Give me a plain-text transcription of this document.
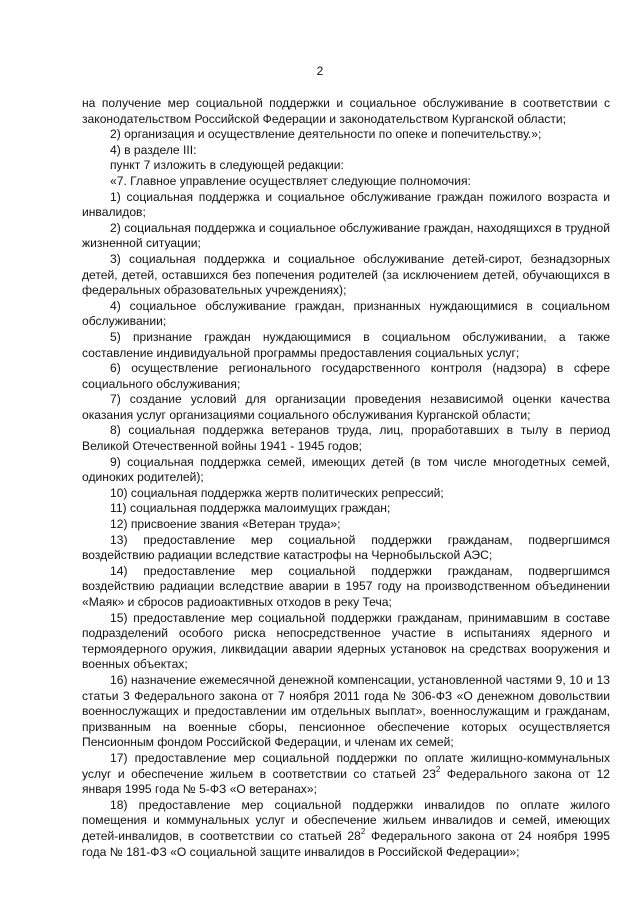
2

на получение мер социальной поддержки и социальное обслуживание в соответствии с законодательством Российской Федерации и законодательством Курганской области;

2) организация и осуществление деятельности по опеке и попечительству.»;

4) в разделе III:

пункт 7 изложить в следующей редакции:

«7. Главное управление осуществляет следующие полномочия:

1) социальная поддержка и социальное обслуживание граждан пожилого возраста и инвалидов;

2) социальная поддержка и социальное обслуживание граждан, находящихся в трудной жизненной ситуации;

3) социальная поддержка и социальное обслуживание детей-сирот, безнадзорных детей, детей, оставшихся без попечения родителей (за исключением детей, обучающихся в федеральных образовательных учреждениях);

4) социальное обслуживание граждан, признанных нуждающимися в социальном обслуживании;

5) признание граждан нуждающимися в социальном обслуживании, а также составление индивидуальной программы предоставления социальных услуг;

6) осуществление регионального государственного контроля (надзора) в сфере социального обслуживания;

7) создание условий для организации проведения независимой оценки качества оказания услуг организациями социального обслуживания Курганской области;

8) социальная поддержка ветеранов труда, лиц, проработавших в тылу в период Великой Отечественной войны 1941 - 1945 годов;

9) социальная поддержка семей, имеющих детей (в том числе многодетных семей, одиноких родителей);

10) социальная поддержка жертв политических репрессий;

11) социальная поддержка малоимущих граждан;

12) присвоение звания «Ветеран труда»;

13) предоставление мер социальной поддержки гражданам, подвергшимся воздействию радиации вследствие катастрофы на Чернобыльской АЭС;

14) предоставление мер социальной поддержки гражданам, подвергшимся воздействию радиации вследствие аварии в 1957 году на производственном объединении «Маяк» и сбросов радиоактивных отходов в реку Теча;

15) предоставление мер социальной поддержки гражданам, принимавшим в составе подразделений особого риска непосредственное участие в испытаниях ядерного и термоядерного оружия, ликвидации аварии ядерных установок на средствах вооружения и военных объектах;

16) назначение ежемесячной денежной компенсации, установленной частями 9, 10 и 13 статьи 3 Федерального закона от 7 ноября 2011 года № 306-ФЗ «О денежном довольствии военнослужащих и предоставлении им отдельных выплат», военнослужащим и гражданам, призванным на военные сборы, пенсионное обеспечение которых осуществляется Пенсионным фондом Российской Федерации, и членам их семей;

17) предоставление мер социальной поддержки по оплате жилищно-коммунальных услуг и обеспечение жильем в соответствии со статьей $23^2$ Федерального закона от 12 января 1995 года № 5-ФЗ «О ветеранах»;

18) предоставление мер социальной поддержки инвалидов по оплате жилого помещения и коммунальных услуг и обеспечение жильем инвалидов и семей, имеющих детей-инвалидов, в соответствии со статьей $28^2$ Федерального закона от 24 ноября 1995 года № 181-ФЗ «О социальной защите инвалидов в Российской Федерации»;
